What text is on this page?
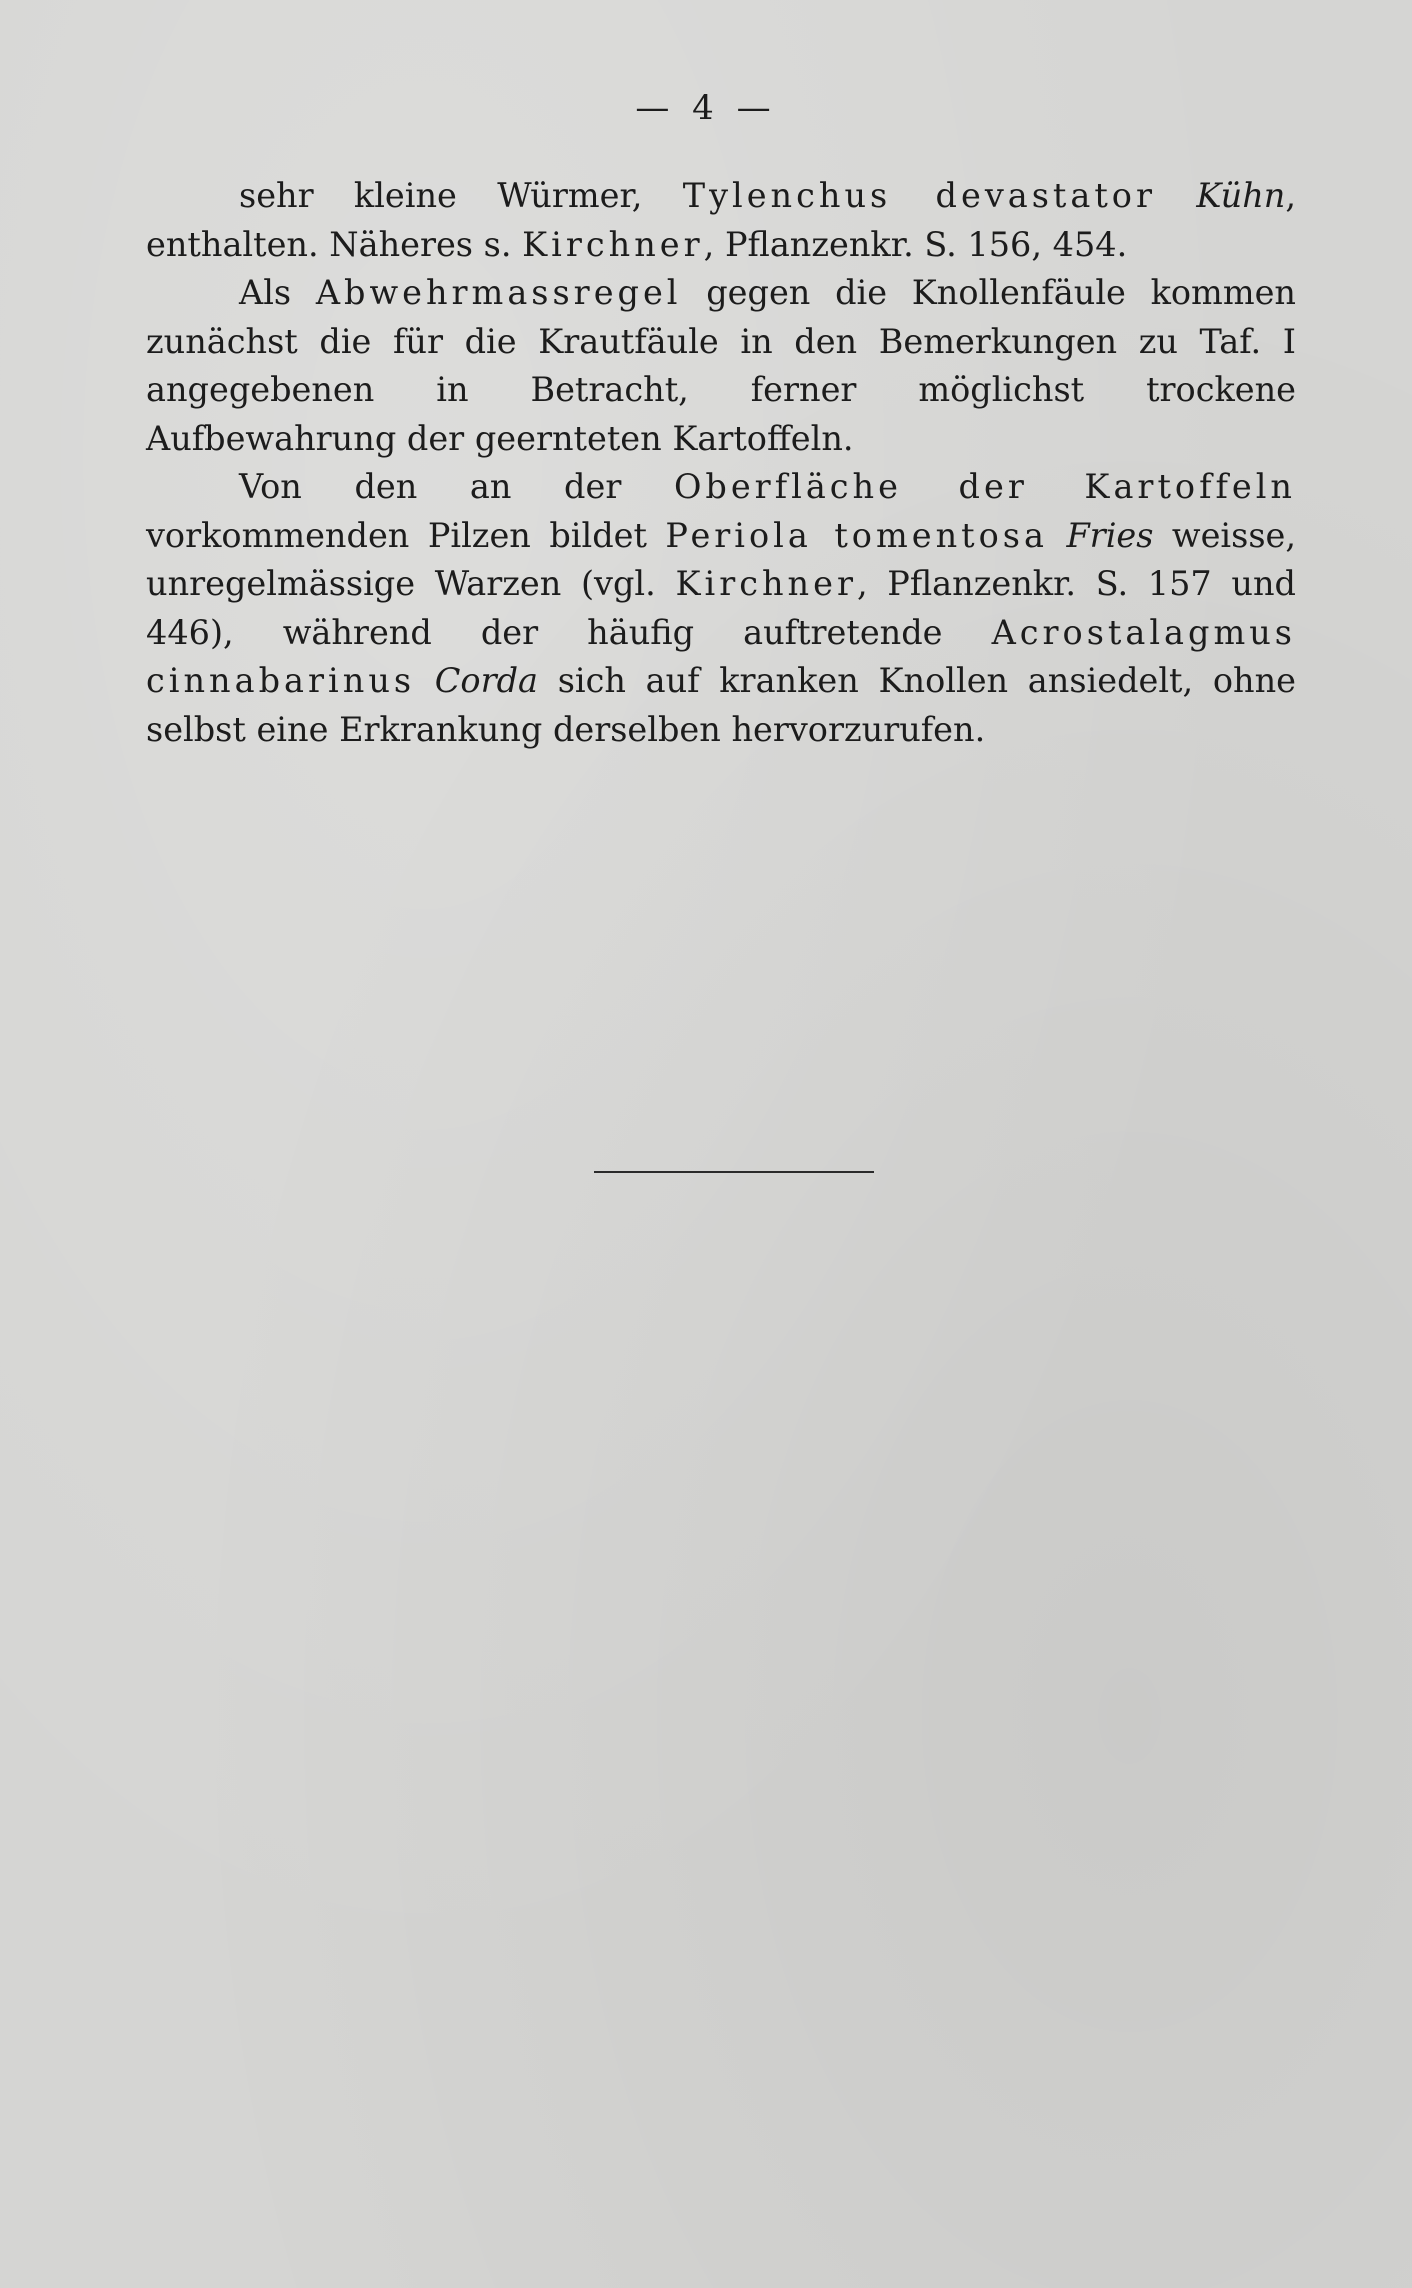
— 4 —

sehr kleine Würmer, Tylenchus devastator Kühn, enthalten. Näheres s. Kirchner, Pflanzenkr. S. 156, 454.

Als Abwehrmassregel gegen die Knollenfäule kommen zunächst die für die Krautfäule in den Bemerkungen zu Taf. I angegebenen in Betracht, ferner möglichst trockene Aufbewahrung der geernteten Kartoffeln.

Von den an der Oberfläche der Kartoffeln vorkommenden Pilzen bildet Periola tomentosa Fries weisse, unregelmässige Warzen (vgl. Kirchner, Pflanzenkr. S. 157 und 446), während der häufig auftretende Acrostalagmus cinnabarinus Corda sich auf kranken Knollen ansiedelt, ohne selbst eine Erkrankung derselben hervorzurufen.
